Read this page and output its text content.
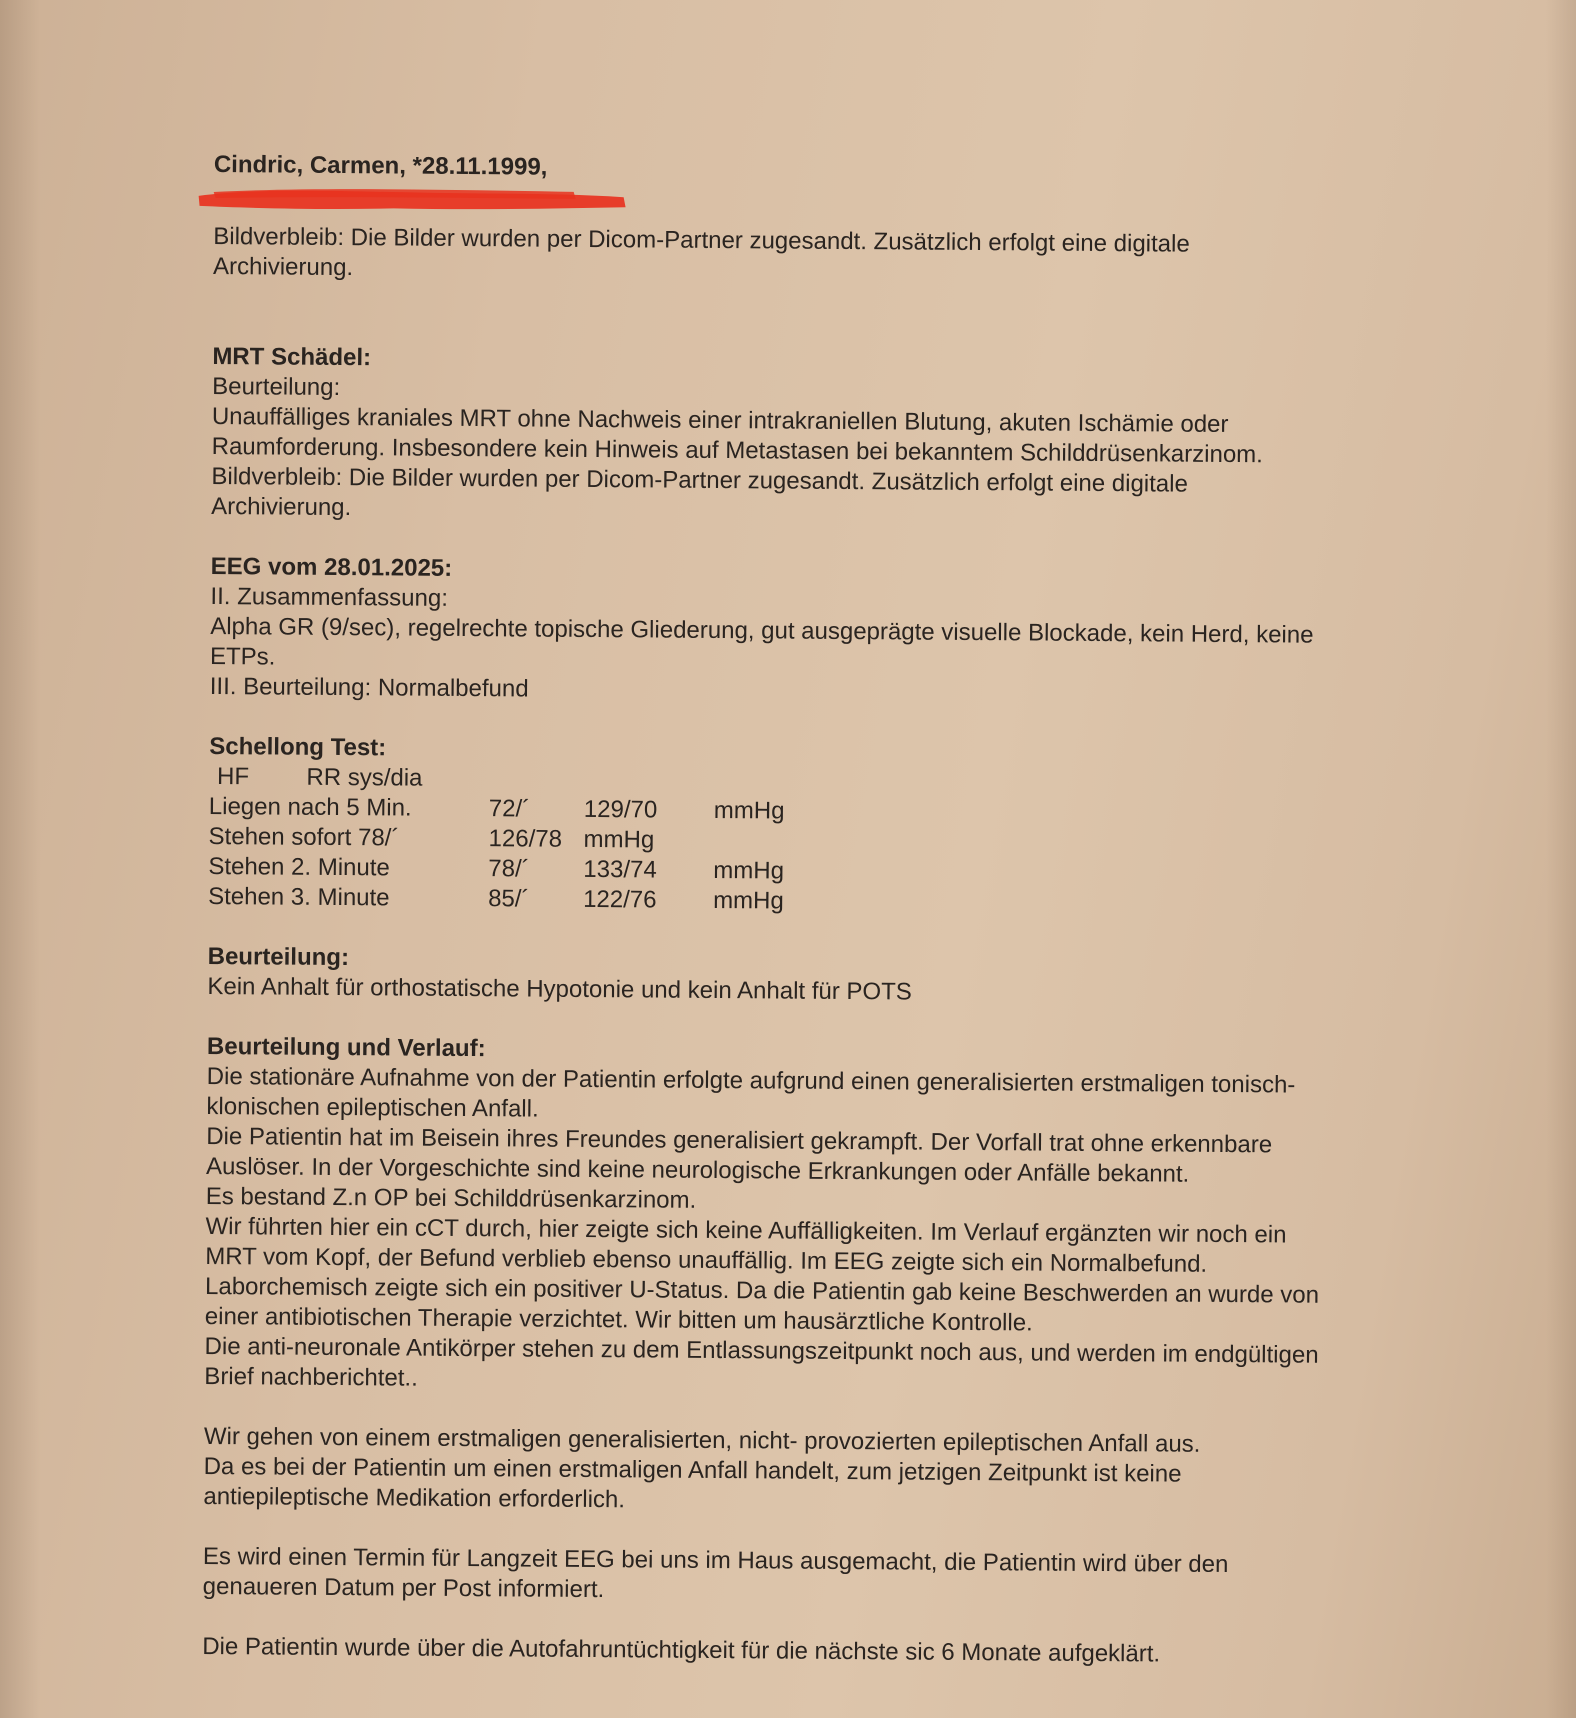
Cindric, Carmen, *28.11.1999,
Bildverbleib: Die Bilder wurden per Dicom-Partner zugesandt. Zusätzlich erfolgt eine digitale
Archivierung.
MRT Schädel:
Beurteilung:
Unauffälliges kraniales MRT ohne Nachweis einer intrakraniellen Blutung, akuten Ischämie oder
Raumforderung. Insbesondere kein Hinweis auf Metastasen bei bekanntem Schilddrüsenkarzinom.
Bildverbleib: Die Bilder wurden per Dicom-Partner zugesandt. Zusätzlich erfolgt eine digitale
Archivierung.
EEG vom 28.01.2025:
II. Zusammenfassung:
Alpha GR (9/sec), regelrechte topische Gliederung, gut ausgeprägte visuelle Blockade, kein Herd, keine
ETPs.
III. Beurteilung: Normalbefund
Schellong Test:
HF RR sys/dia
Liegen nach 5 Min.	72/´	129/70	mmHg
Stehen sofort 78/´	126/78 mmHg
Stehen 2. Minute	78/´	133/74	mmHg
Stehen 3. Minute	85/´	122/76	mmHg
Beurteilung:
Kein Anhalt für orthostatische Hypotonie und kein Anhalt für POTS
Beurteilung und Verlauf:
Die stationäre Aufnahme von der Patientin erfolgte aufgrund einen generalisierten erstmaligen tonisch-
klonischen epileptischen Anfall.
Die Patientin hat im Beisein ihres Freundes generalisiert gekrampft. Der Vorfall trat ohne erkennbare
Auslöser. In der Vorgeschichte sind keine neurologische Erkrankungen oder Anfälle bekannt.
Es bestand Z.n OP bei Schilddrüsenkarzinom.
Wir führten hier ein cCT durch, hier zeigte sich keine Auffälligkeiten. Im Verlauf ergänzten wir noch ein
MRT vom Kopf, der Befund verblieb ebenso unauffällig. Im EEG zeigte sich ein Normalbefund.
Laborchemisch zeigte sich ein positiver U-Status. Da die Patientin gab keine Beschwerden an wurde von
einer antibiotischen Therapie verzichtet. Wir bitten um hausärztliche Kontrolle.
Die anti-neuronale Antikörper stehen zu dem Entlassungszeitpunkt noch aus, und werden im endgültigen
Brief nachberichtet..
Wir gehen von einem erstmaligen generalisierten, nicht- provozierten epileptischen Anfall aus.
Da es bei der Patientin um einen erstmaligen Anfall handelt, zum jetzigen Zeitpunkt ist keine
antiepileptische Medikation erforderlich.
Es wird einen Termin für Langzeit EEG bei uns im Haus ausgemacht, die Patientin wird über den
genaueren Datum per Post informiert.
Die Patientin wurde über die Autofahruntüchtigkeit für die nächste sic 6 Monate aufgeklärt.
